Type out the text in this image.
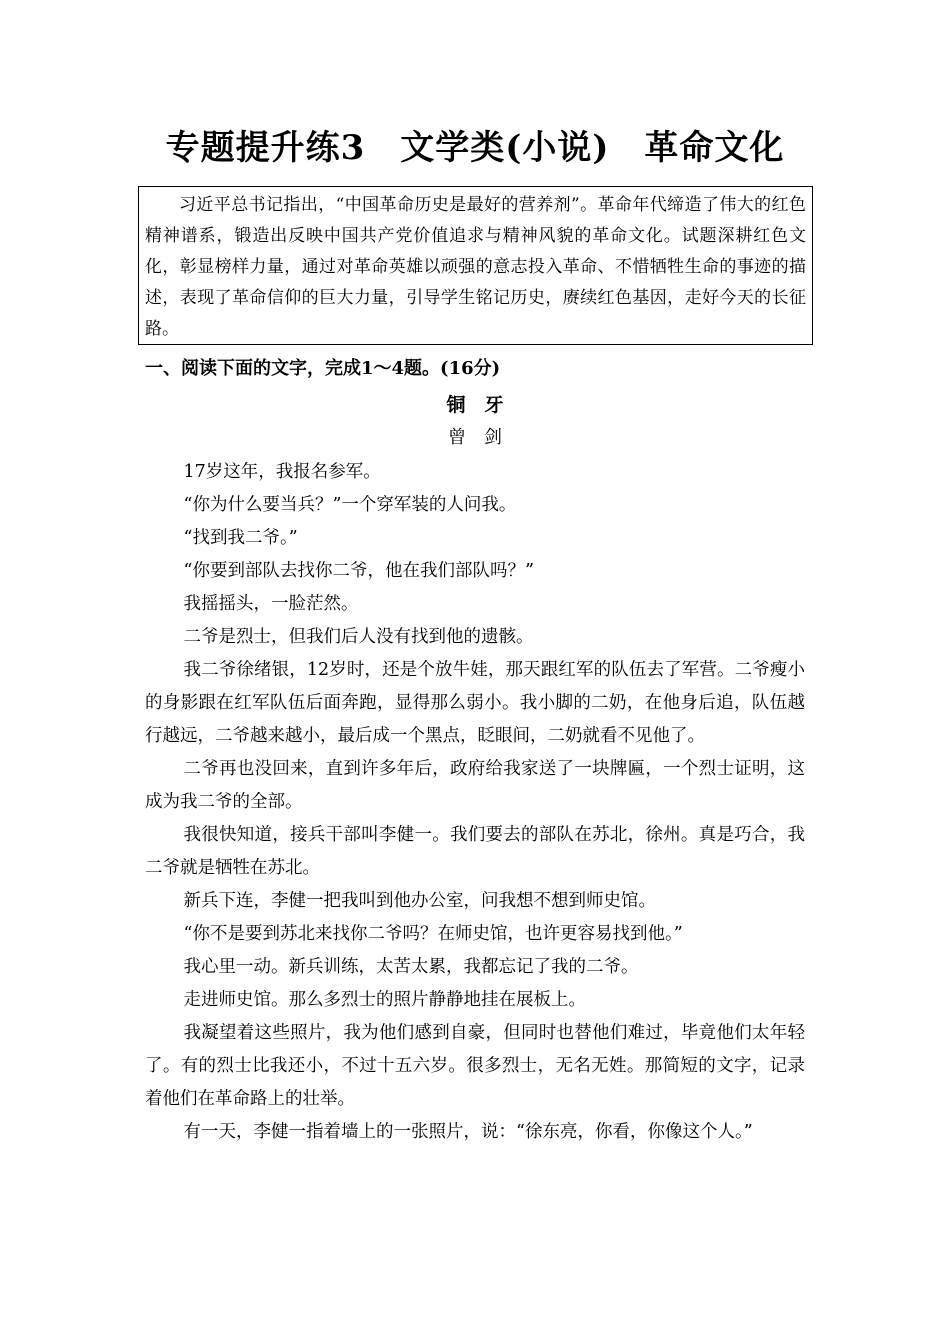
专题提升练3　文学类(小说)　革命文化
习近平总书记指出，“中国革命历史是最好的营养剂”。革命年代缔造了伟大的红色精神谱系，锻造出反映中国共产党价值追求与精神风貌的革命文化。试题深耕红色文化，彰显榜样力量，通过对革命英雄以顽强的意志投入革命、不惜牺牲生命的事迹的描述，表现了革命信仰的巨大力量，引导学生铭记历史，赓续红色基因，走好今天的长征路。
一、阅读下面的文字，完成1～4题。(16分)
铜　牙
曾　剑

17岁这年，我报名参军。

“你为什么要当兵？”一个穿军装的人问我。

“找到我二爷。”

“你要到部队去找你二爷，他在我们部队吗？”

我摇摇头，一脸茫然。

二爷是烈士，但我们后人没有找到他的遗骸。

我二爷徐绪银，12岁时，还是个放牛娃，那天跟红军的队伍去了军营。二爷瘦小的身影跟在红军队伍后面奔跑，显得那么弱小。我小脚的二奶，在他身后追，队伍越行越远，二爷越来越小，最后成一个黑点，眨眼间，二奶就看不见他了。

二爷再也没回来，直到许多年后，政府给我家送了一块牌匾，一个烈士证明，这成为我二爷的全部。

我很快知道，接兵干部叫李健一。我们要去的部队在苏北，徐州。真是巧合，我二爷就是牺牲在苏北。

新兵下连，李健一把我叫到他办公室，问我想不想到师史馆。

“你不是要到苏北来找你二爷吗？在师史馆，也许更容易找到他。”

我心里一动。新兵训练，太苦太累，我都忘记了我的二爷。

走进师史馆。那么多烈士的照片静静地挂在展板上。

我凝望着这些照片，我为他们感到自豪，但同时也替他们难过，毕竟他们太年轻了。有的烈士比我还小，不过十五六岁。很多烈士，无名无姓。那简短的文字，记录着他们在革命路上的壮举。

有一天，李健一指着墙上的一张照片，说：“徐东亮，你看，你像这个人。”
